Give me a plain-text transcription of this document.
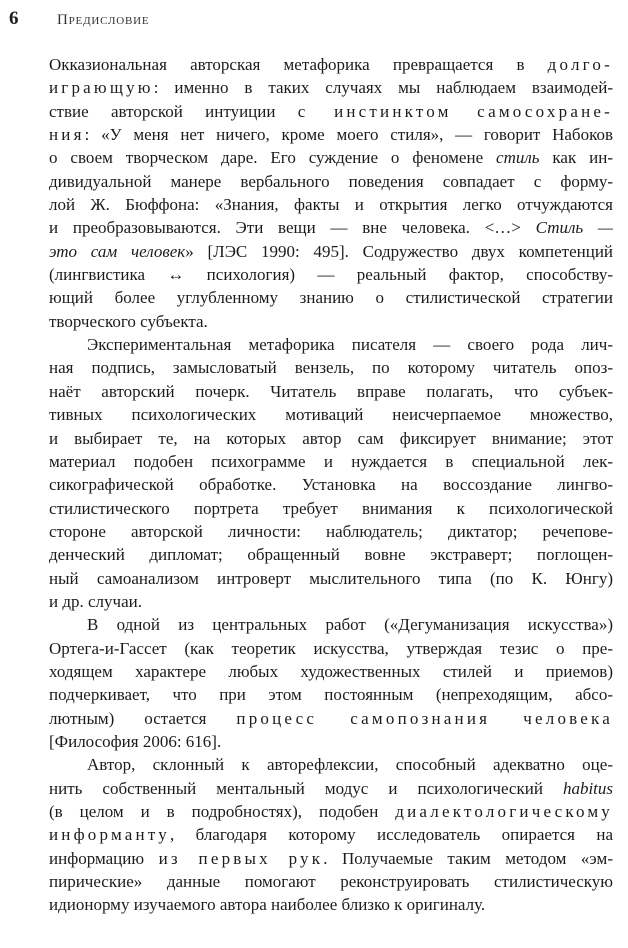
6	Предисловие
Окказиональная авторская метафорика превращается в долго-
играющую: именно в таких случаях мы наблюдаем взаимодей-
ствие авторской интуиции с инстинктом самосохране-
ния: «У меня нет ничего, кроме моего стиля», — говорит Набоков
о своем творческом даре. Его суждение о феномене стиль как ин-
дивидуальной манере вербального поведения совпадает с форму-
лой Ж. Бюффона: «Знания, факты и открытия легко отчуждаются
и преобразовываются. Эти вещи — вне человека. <…> Стиль —
это сам человек» [ЛЭС 1990: 495]. Содружество двух компетенций
(лингвистика ↔ психология) — реальный фактор, способству-
ющий более углубленному знанию о стилистической стратегии
творческого субъекта.
Экспериментальная метафорика писателя — своего рода лич-
ная подпись, замысловатый вензель, по которому читатель опоз-
наёт авторский почерк. Читатель вправе полагать, что субъек-
тивных психологических мотиваций неисчерпаемое множество,
и выбирает те, на которых автор сам фиксирует внимание; этот
материал подобен психограмме и нуждается в специальной лек-
сикографической обработке. Установка на воссоздание лингво-
стилистического портрета требует внимания к психологической
стороне авторской личности: наблюдатель; диктатор; речепове-
денческий дипломат; обращенный вовне экстраверт; поглощен-
ный самоанализом интроверт мыслительного типа (по К. Юнгу)
и др. случаи.
В одной из центральных работ («Дегуманизация искусства»)
Ортега-и-Гассет (как теоретик искусства, утверждая тезис о пре-
ходящем характере любых художественных стилей и приемов)
подчеркивает, что при этом постоянным (непреходящим, абсо-
лютным) остается процесс самопознания человека
[Философия 2006: 616].
Автор, склонный к авторефлексии, способный адекватно оце-
нить собственный ментальный модус и психологический habitus
(в целом и в подробностях), подобен диалектологическому
информанту, благодаря которому исследователь опирается на
информацию из первых рук. Получаемые таким методом «эм-
пирические» данные помогают реконструировать стилистическую
идионорму изучаемого автора наиболее близко к оригиналу.
